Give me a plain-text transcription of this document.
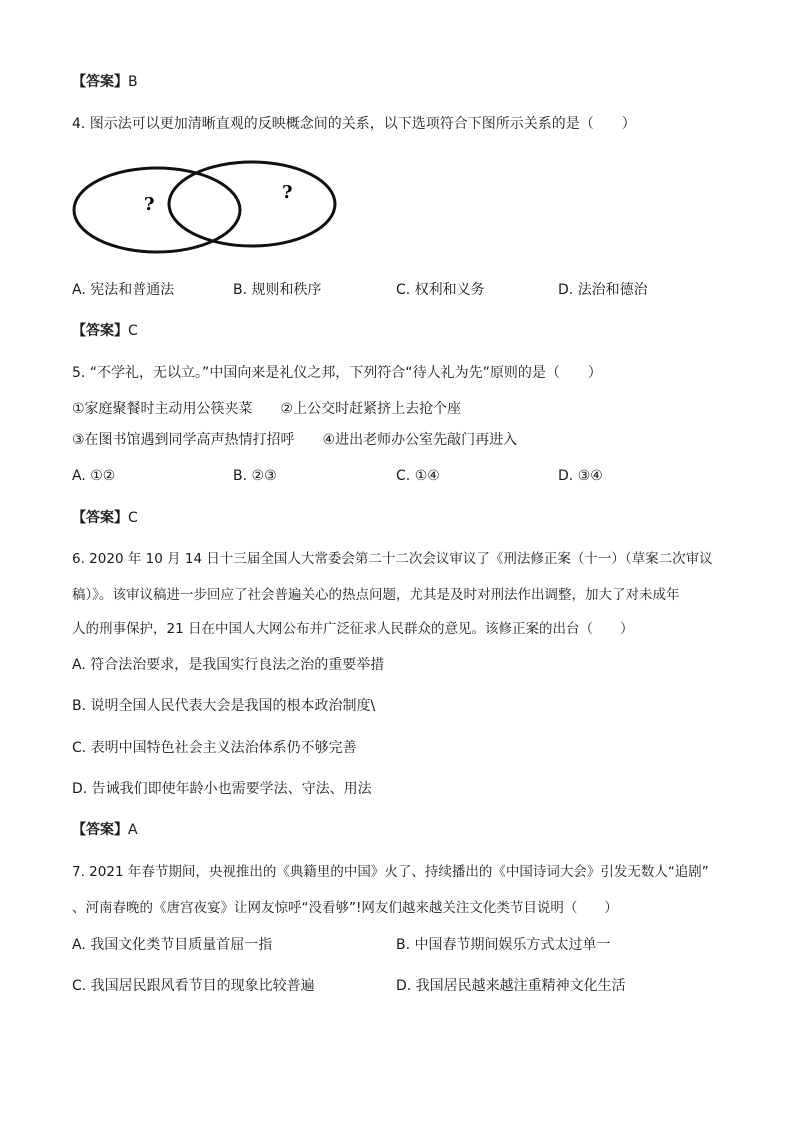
【答案】B
4. 图示法可以更加清晰直观的反映概念间的关系，以下选项符合下图所示关系的是（　　）
?
?
A. 宪法和普通法	B. 规则和秩序	C. 权利和义务	D. 法治和德治
【答案】C
5. “不学礼，无以立。”中国向来是礼仪之邦，下列符合“待人礼为先”原则的是（　　）
①家庭聚餐时主动用公筷夹菜　　②上公交时赶紧挤上去抢个座
③在图书馆遇到同学高声热情打招呼　　④进出老师办公室先敲门再进入
A. ①②	B. ②③	C. ①④	D. ③④
【答案】C
6. 2020 年 10 月 14 日十三届全国人大常委会第二十二次会议审议了《刑法修正案（十一）（草案二次审议
稿）》。该审议稿进一步回应了社会普遍关心的热点问题，尤其是及时对刑法作出调整，加大了对未成年
人的刑事保护，21 日在中国人大网公布并广泛征求人民群众的意见。该修正案的出台（　　）
A. 符合法治要求，是我国实行良法之治的重要举措
B. 说明全国人民代表大会是我国的根本政治制度\
C. 表明中国特色社会主义法治体系仍不够完善
D. 告诫我们即使年龄小也需要学法、守法、用法
【答案】A
7. 2021 年春节期间，央视推出的《典籍里的中国》火了、持续播出的《中国诗词大会》引发无数人“追剧”
、河南春晚的《唐宫夜宴》让网友惊呼“没看够”!网友们越来越关注文化类节目说明（　　）
A. 我国文化类节目质量首屈一指	B. 中国春节期间娱乐方式太过单一
C. 我国居民跟风看节目的现象比较普遍	D. 我国居民越来越注重精神文化生活
